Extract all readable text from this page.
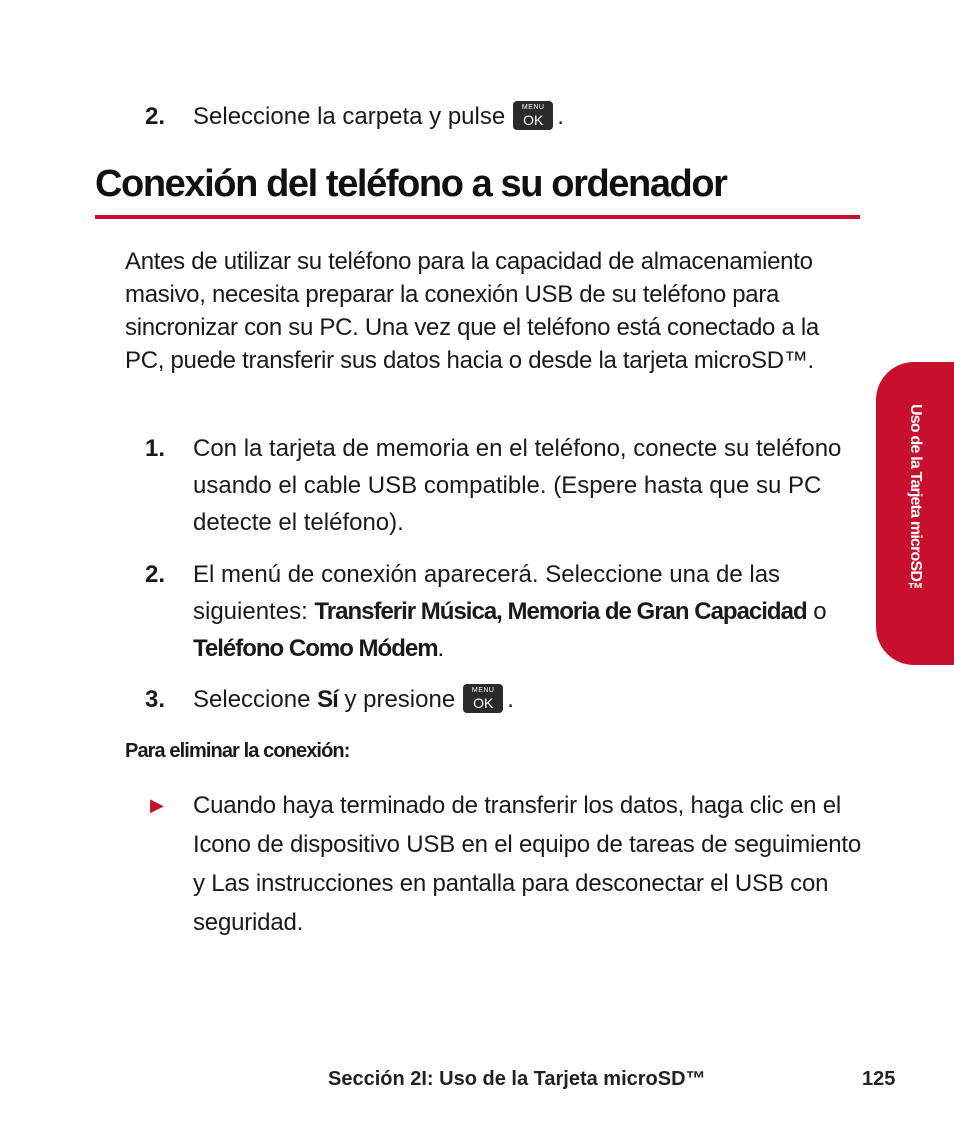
2. Seleccione la carpeta y pulse	MENU
OK .
Conexión del teléfono a su ordenador
Antes de utilizar su teléfono para la capacidad de almacenamiento masivo, necesita preparar la conexión USB de su teléfono para sincronizar con su PC. Una vez que el teléfono está conectado a la PC, puede transferir sus datos hacia o desde la tarjeta microSD™.
1. Con la tarjeta de memoria en el teléfono, conecte su teléfono usando el cable USB compatible. (Espere hasta que su PC detecte el teléfono).
2. El menú de conexión aparecerá. Seleccione una de las siguientes: Transferir Música, Memoria de Gran Capacidad o Teléfono Como Módem.
3. Seleccione Sí y presione	MENU
OK .
Para eliminar la conexión:
▶ Cuando haya terminado de transferir los datos, haga clic en el Icono de dispositivo USB en el equipo de tareas de seguimiento y Las instrucciones en pantalla para desconectar el USB con seguridad.
Uso de la Tarjeta microSD™
Sección 2I: Uso de la Tarjeta microSD™	125
